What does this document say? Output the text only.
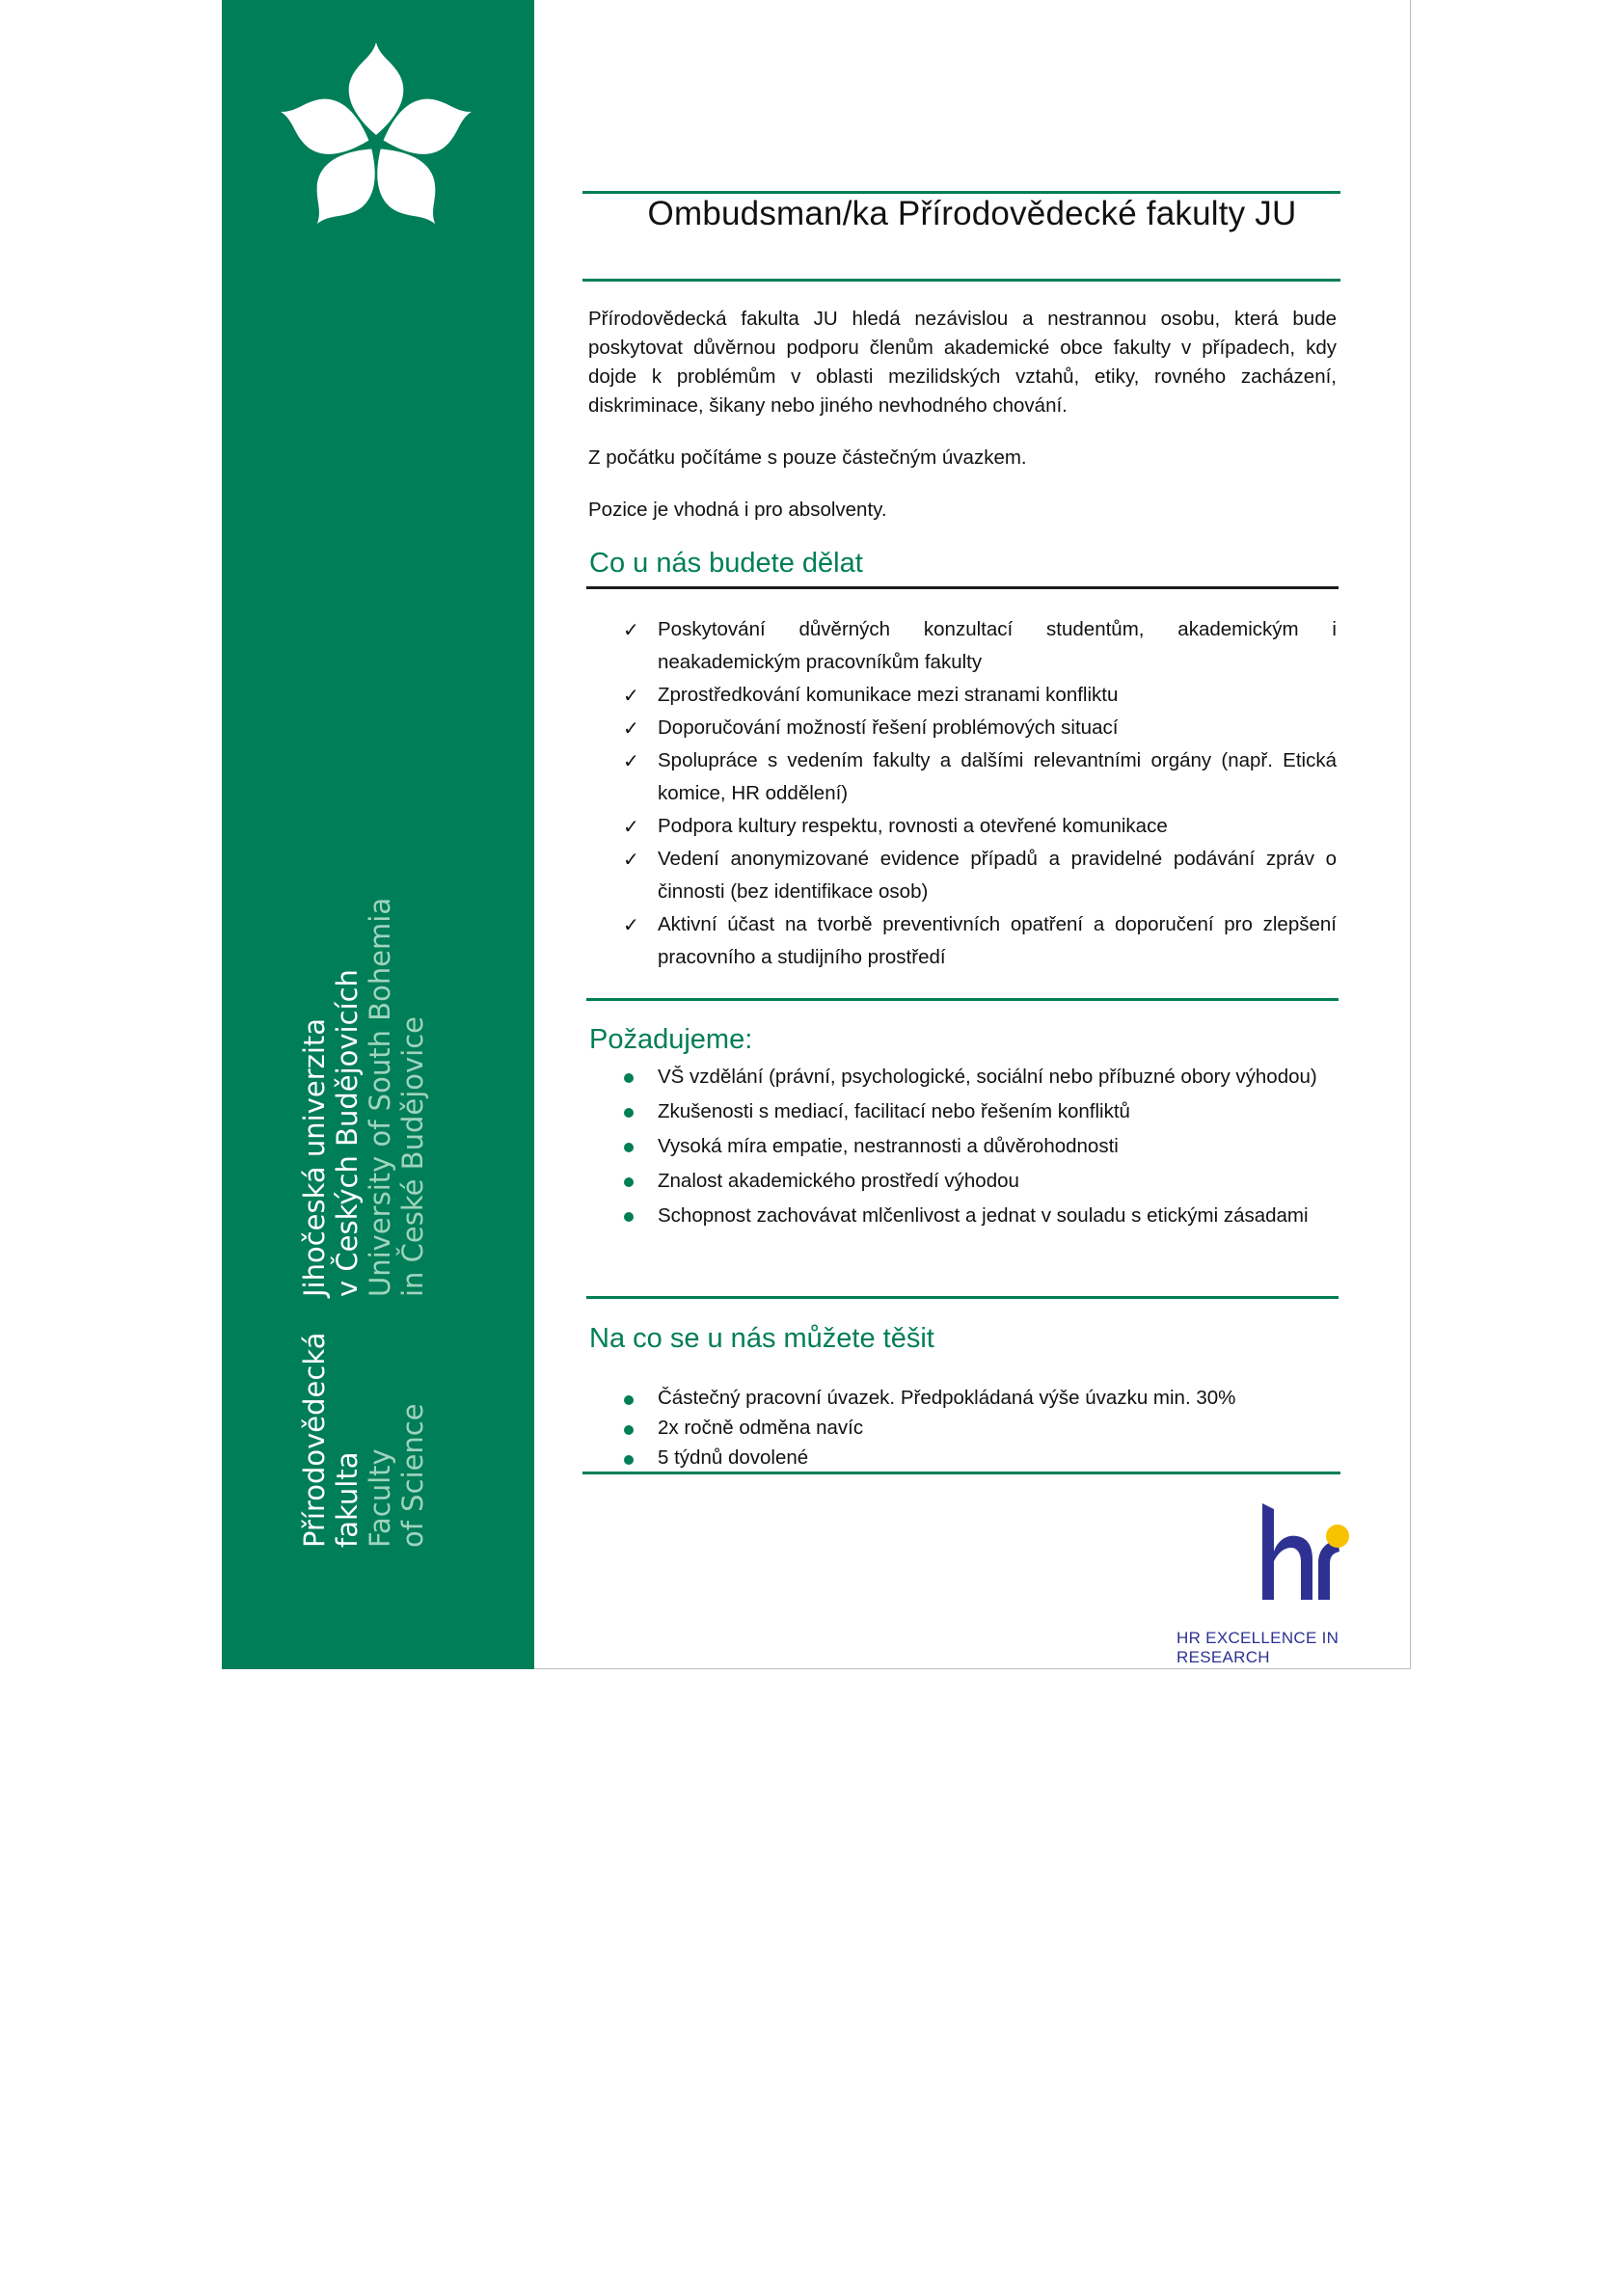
Přírodovědecká fakulta Faculty of Science
Jihočeská univerzita v Českých Budějovicích University of South Bohemia in České Budějovice
Ombudsman/ka Přírodovědecké fakulty JU

Přírodovědecká fakulta JU hledá nezávislou a nestrannou osobu, která bude poskytovat důvěrnou podporu členům akademické obce fakulty v případech, kdy dojde k problémům v oblasti mezilidských vztahů, etiky, rovného zacházení, diskriminace, šikany nebo jiného nevhodného chování.

Z počátku počítáme s pouze částečným úvazkem.

Pozice je vhodná i pro absolventy.

Co u nás budete dělat
✓ Poskytování důvěrných konzultací studentům, akademickým i neakademickým pracovníkům fakulty
✓ Zprostředkování komunikace mezi stranami konfliktu
✓ Doporučování možností řešení problémových situací
✓ Spolupráce s vedením fakulty a dalšími relevantními orgány (např. Etická komice, HR oddělení)
✓ Podpora kultury respektu, rovnosti a otevřené komunikace
✓ Vedení anonymizované evidence případů a pravidelné podávání zpráv o činnosti (bez identifikace osob)
✓ Aktivní účast na tvorbě preventivních opatření a doporučení pro zlepšení pracovního a studijního prostředí
Požadujeme:
VŠ vzdělání (právní, psychologické, sociální nebo příbuzné obory výhodou)
Zkušenosti s mediací, facilitací nebo řešením konfliktů
Vysoká míra empatie, nestrannosti a důvěrohodnosti
Znalost akademického prostředí výhodou
Schopnost zachovávat mlčenlivost a jednat v souladu s etickými zásadami
Na co se u nás můžete těšit
Částečný pracovní úvazek. Předpokládaná výše úvazku min. 30%
2x ročně odměna navíc
5 týdnů dovolené
HR EXCELLENCE IN RESEARCH
